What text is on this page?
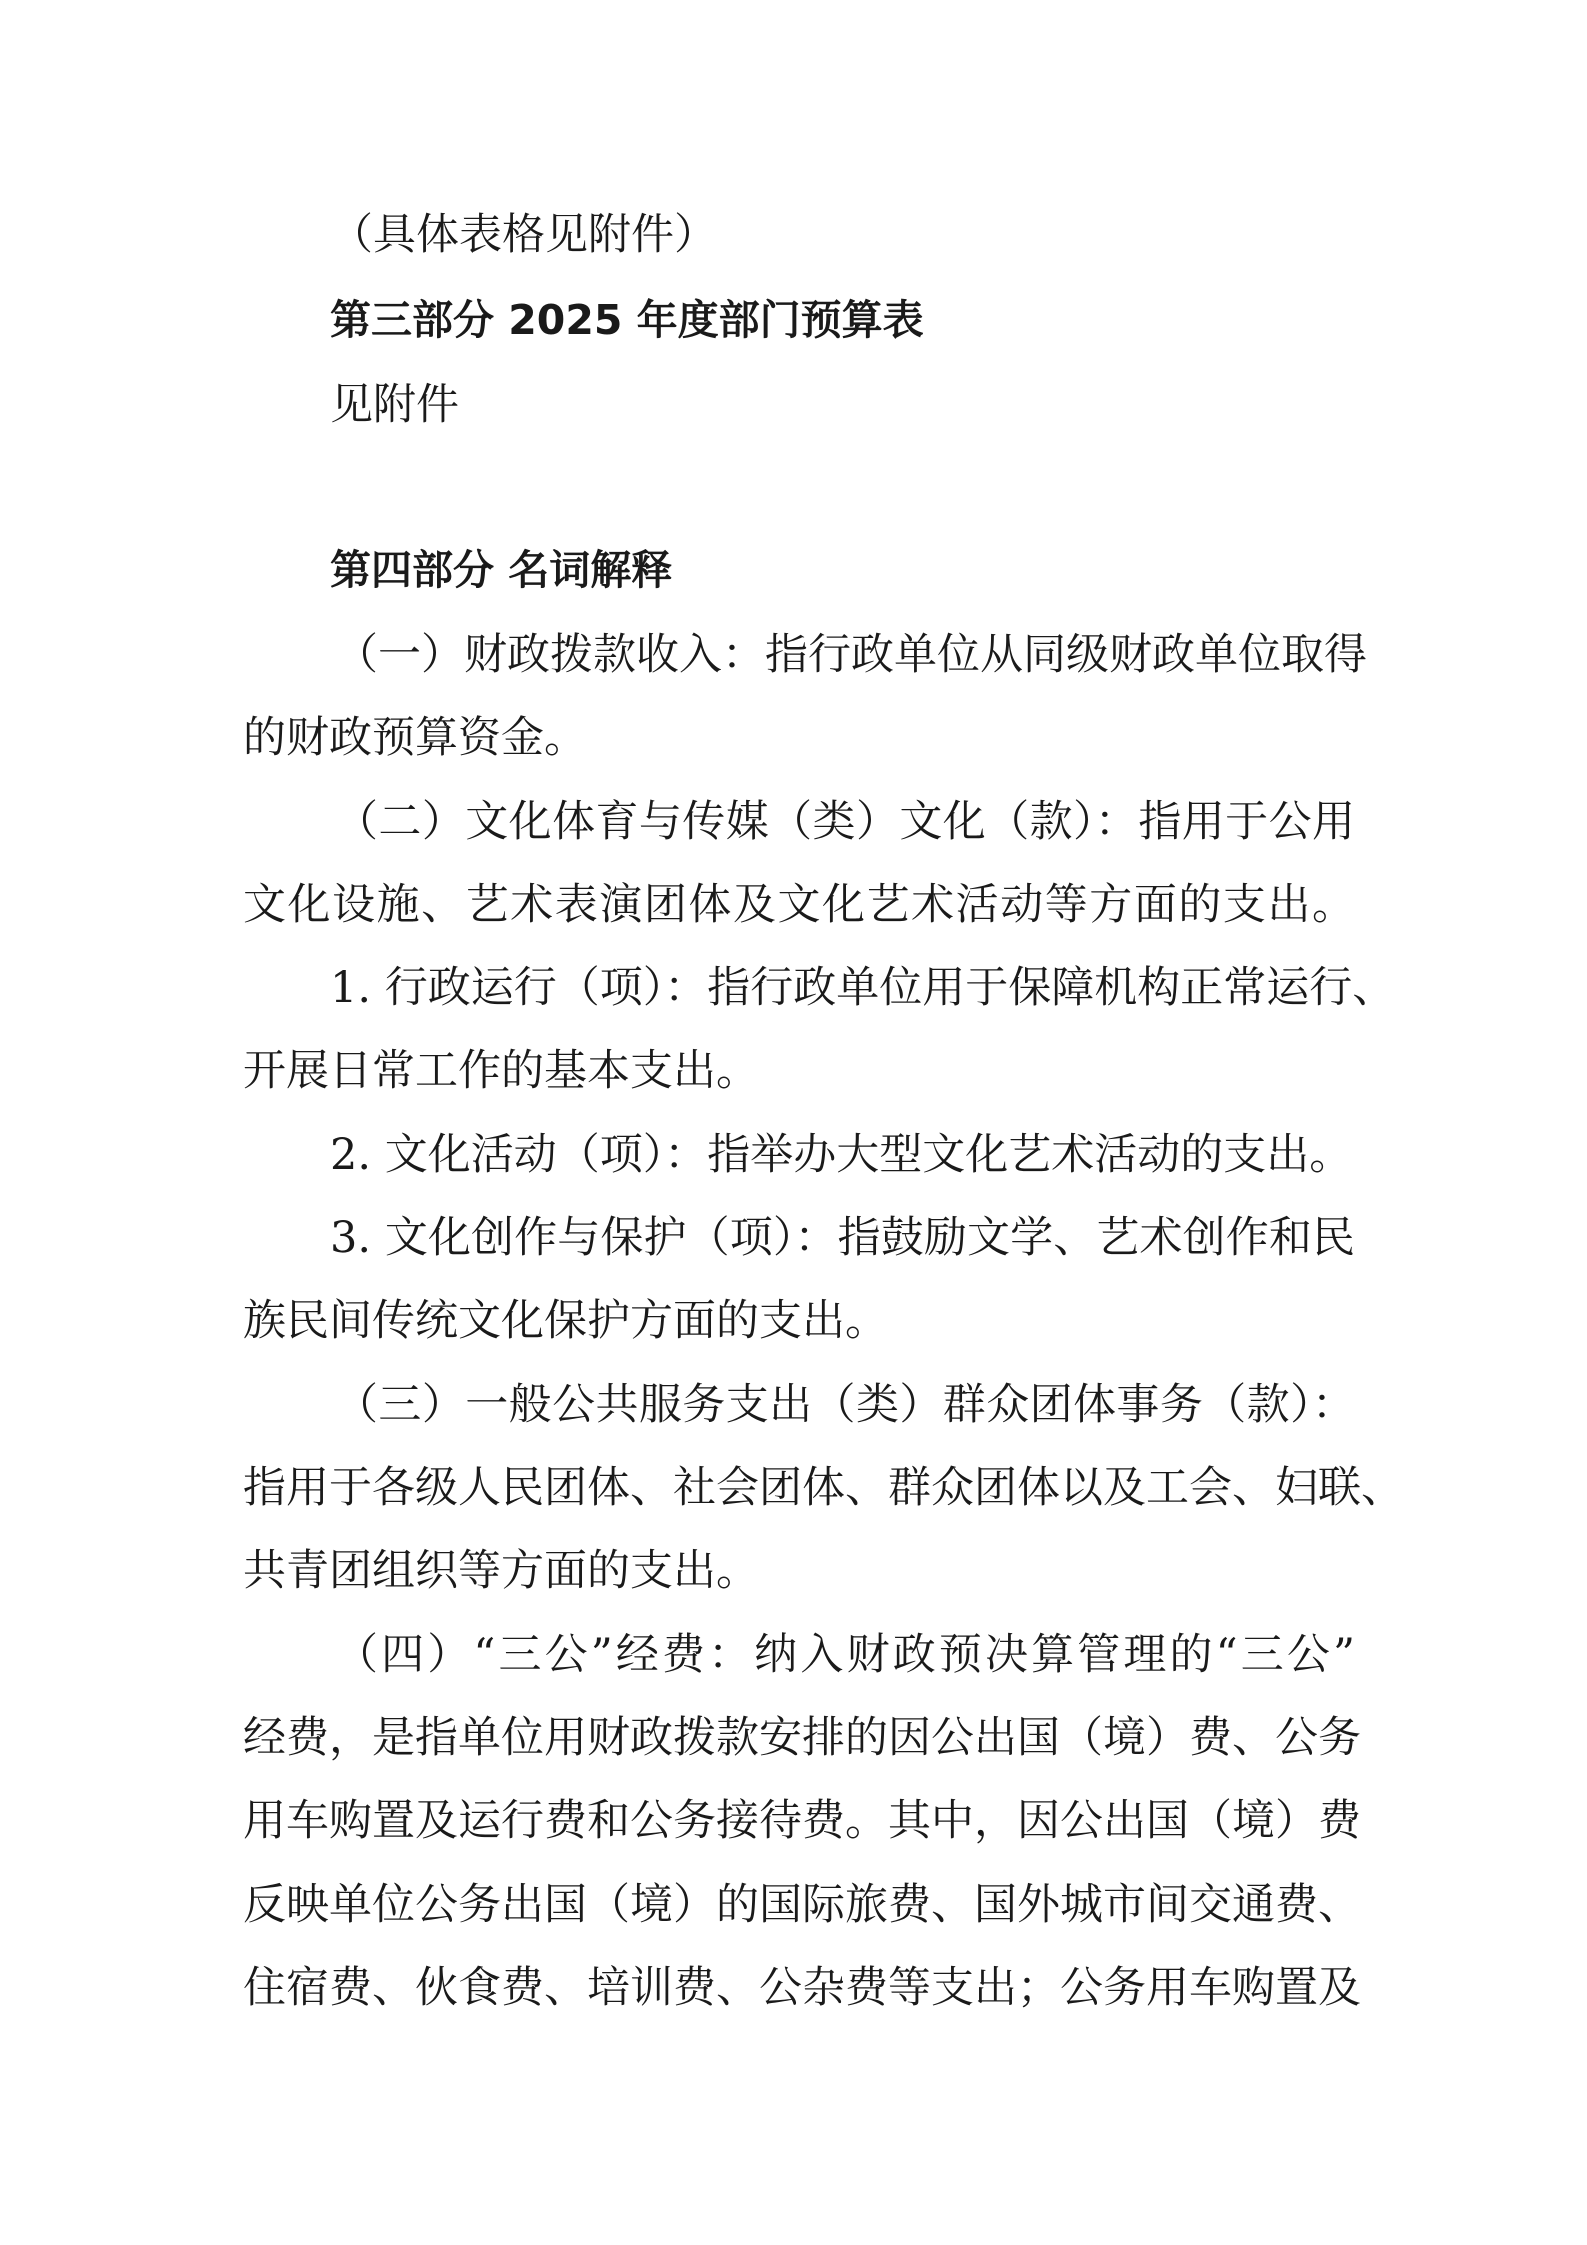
（具体表格见附件）
第三部分 2025 年度部门预算表
见附件
第四部分 名词解释
（一）财政拨款收入：指行政单位从同级财政单位取得
的财政预算资金。
（二）文化体育与传媒（类）文化（款）：指用于公用
文化设施、艺术表演团体及文化艺术活动等方面的支出。
1. 行政运行（项）：指行政单位用于保障机构正常运行、
开展日常工作的基本支出。
2. 文化活动（项）：指举办大型文化艺术活动的支出。
3. 文化创作与保护（项）：指鼓励文学、艺术创作和民
族民间传统文化保护方面的支出。
（三）一般公共服务支出（类）群众团体事务（款）：
指用于各级人民团体、社会团体、群众团体以及工会、妇联、
共青团组织等方面的支出。
（四）“三公”经费：纳入财政预决算管理的“三公”
经费，是指单位用财政拨款安排的因公出国（境）费、公务
用车购置及运行费和公务接待费。其中，因公出国（境）费
反映单位公务出国（境）的国际旅费、国外城市间交通费、
住宿费、伙食费、培训费、公杂费等支出；公务用车购置及
